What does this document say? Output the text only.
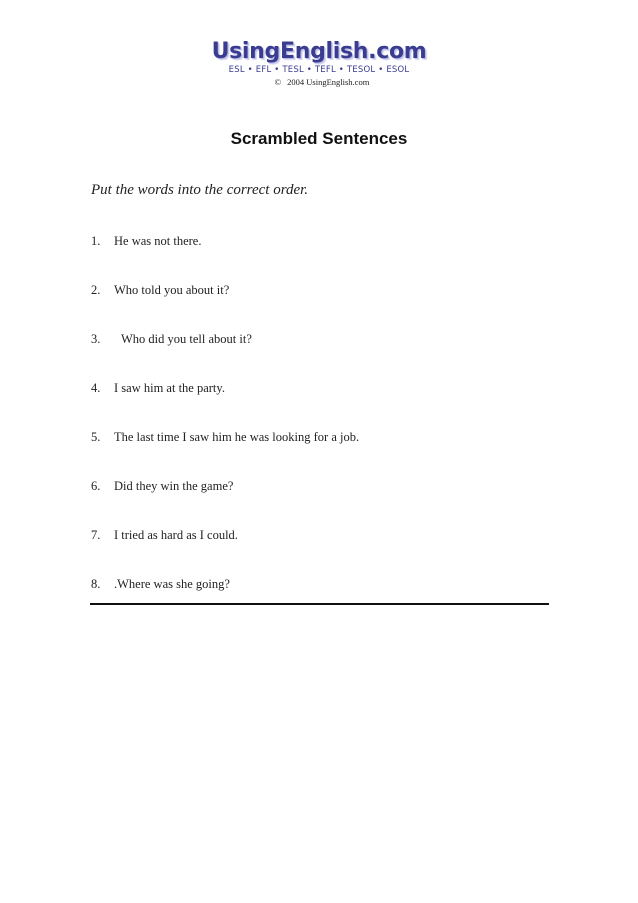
UsingEnglish.com
ESL • EFL • TESL • TEFL • TESOL • ESOL
© 2004 UsingEnglish.com
Scrambled Sentences

Put the words into the correct order.

1.	He was not there.
2.	Who told you about it?
3.	Who did you tell about it?
4.	I saw him at the party.
5.	The last time I saw him he was looking for a job.
6.	Did they win the game?
7.	I tried as hard as I could.
8.	.Where was she going?
